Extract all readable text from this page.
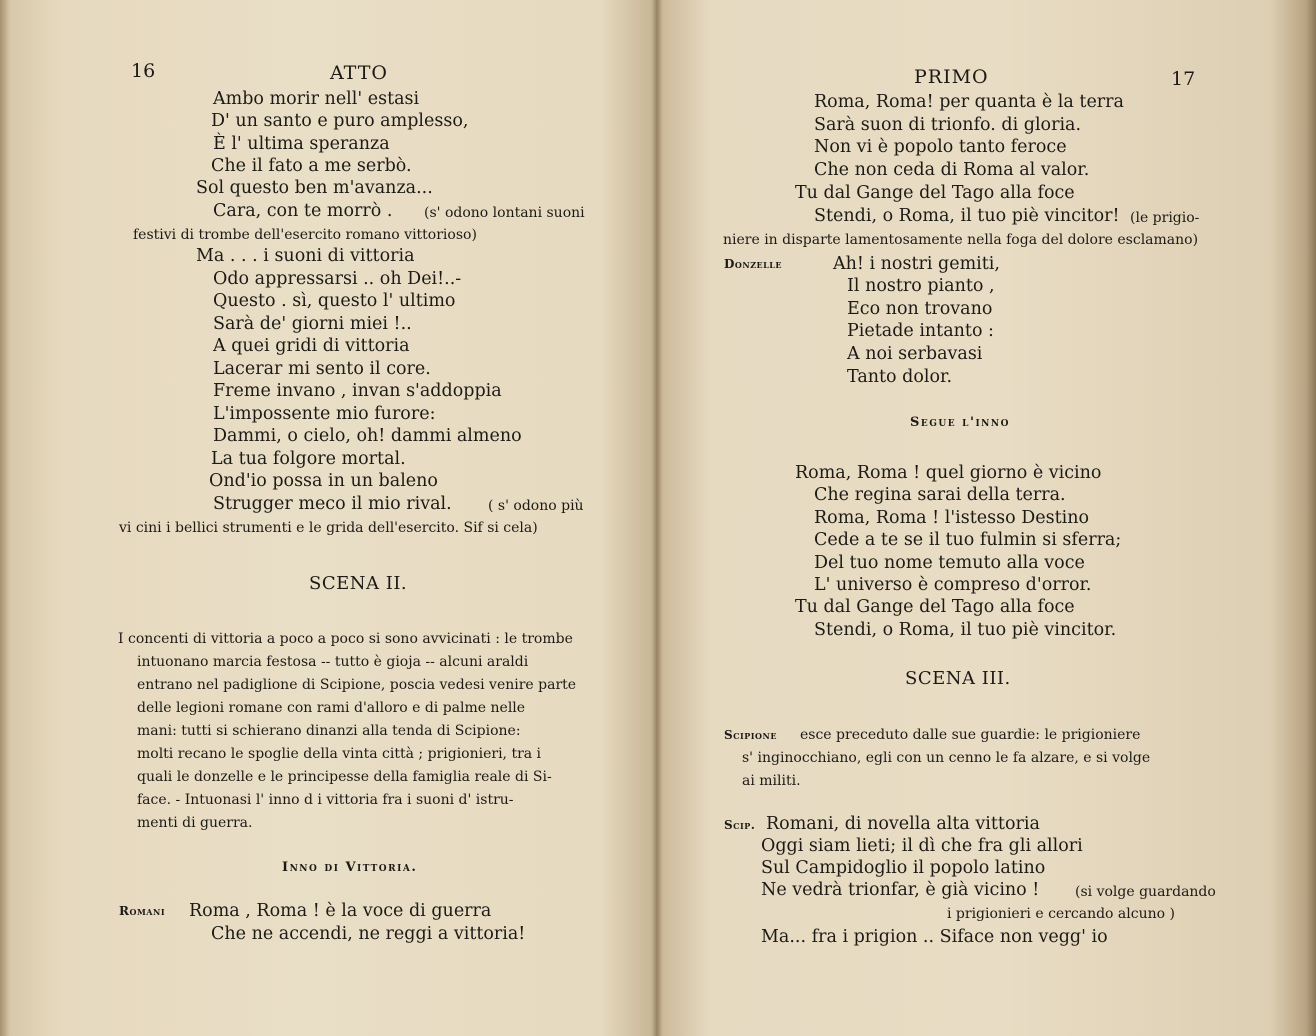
16	ATTO
Ambo morir nell' estasi
D' un santo e puro amplesso,
È l' ultima speranza
Che il fato a me serbò.
Sol questo ben m'avanza...
Cara, con te morrò . (s' odono lontani suoni
festivi di trombe dell'esercito romano vittorioso)
Ma . . . i suoni di vittoria
Odo appressarsi .. oh Dei!..-
Questo . sì, questo l' ultimo
Sarà de' giorni miei !..
A quei gridi di vittoria
Lacerar mi sento il core.
Freme invano , invan s'addoppia
L'impossente mio furore:
Dammi, o cielo, oh! dammi almeno
La tua folgore mortal.
Ond'io possa in un baleno
Strugger meco il mio rival.	( s' odono più
vi cini i bellici strumenti e le grida dell'esercito. Sif si cela)
SCENA II.
I concenti di vittoria a poco a poco si sono avvicinati : le trombe
intuonano marcia festosa -- tutto è gioja -- alcuni araldi
entrano nel padiglione di Scipione, poscia vedesi venire parte
delle legioni romane con rami d'alloro e di palme nelle
mani: tutti si schierano dinanzi alla tenda di Scipione:
molti recano le spoglie della vinta città ; prigionieri, tra i
quali le donzelle e le principesse della famiglia reale di Si-
face. - Intuonasi l' inno d i vittoria fra i suoni d' istru-
menti di guerra.
Inno di Vittoria.
Romani Roma , Roma ! è la voce di guerra
Che ne accendi, ne reggi a vittoria!
PRIMO	17
Roma, Roma! per quanta è la terra
Sarà suon di trionfo. di gloria.
Non vi è popolo tanto feroce
Che non ceda di Roma al valor.
Tu dal Gange del Tago alla foce
Stendi, o Roma, il tuo piè vincitor! (le prigio-
niere in disparte lamentosamente nella foga del dolore esclamano)
Donzelle	Ah! i nostri gemiti,
Il nostro pianto ,
Eco non trovano
Pietade intanto :
A noi serbavasi
Tanto dolor.
Segue l'inno
Roma, Roma ! quel giorno è vicino
Che regina sarai della terra.
Roma, Roma ! l'istesso Destino
Cede a te se il tuo fulmin si sferra;
Del tuo nome temuto alla voce
L' universo è compreso d'orror.
Tu dal Gange del Tago alla foce
Stendi, o Roma, il tuo piè vincitor.
SCENA III.
Scipione esce preceduto dalle sue guardie: le prigioniere
s' inginocchiano, egli con un cenno le fa alzare, e si volge
ai militi.
Scip. Romani, di novella alta vittoria
Oggi siam lieti; il dì che fra gli allori
Sul Campidoglio il popolo latino
Ne vedrà trionfar, è già vicino !	(si volge guardando
i prigionieri e cercando alcuno )
Ma... fra i prigion .. Siface non vegg' io
